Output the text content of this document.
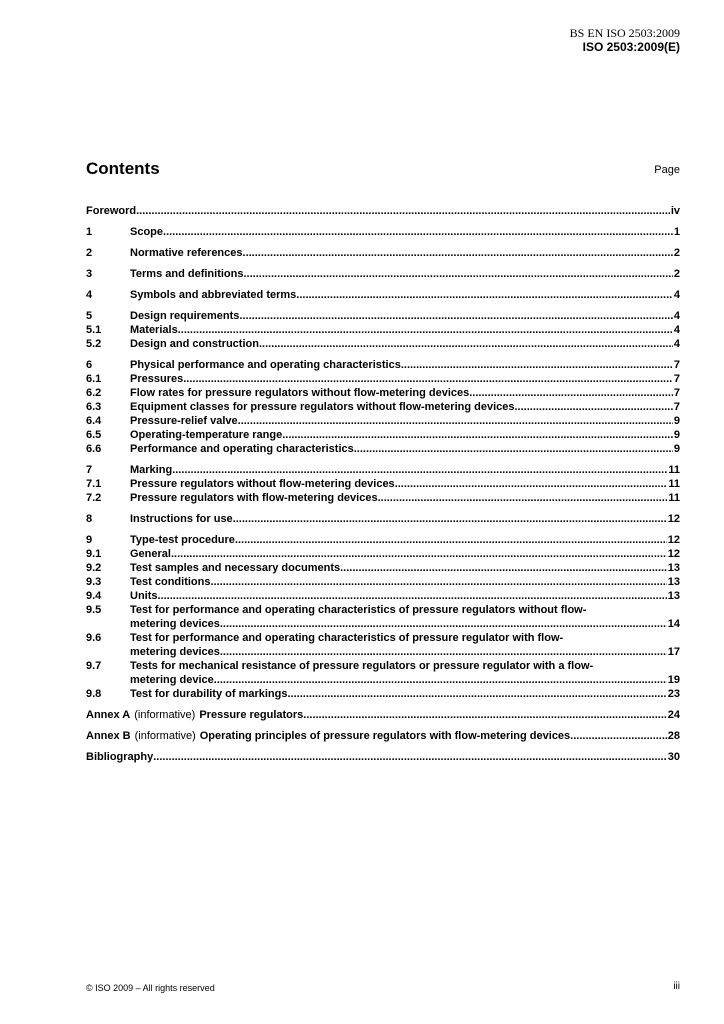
BS EN ISO 2503:2009
ISO 2503:2009(E)
Contents	Page
Foreword .....	iv
1	Scope .....	1
2	Normative references .....	2
3	Terms and definitions .....	2
4	Symbols and abbreviated terms .....	4
5	Design requirements .....	4
5.1	Materials .....	4
5.2	Design and construction .....	4
6	Physical performance and operating characteristics .....	7
6.1	Pressures .....	7
6.2	Flow rates for pressure regulators without flow-metering devices .....	7
6.3	Equipment classes for pressure regulators without flow-metering devices .....	7
6.4	Pressure-relief valve .....	9
6.5	Operating-temperature range .....	9
6.6	Performance and operating characteristics .....	9
7	Marking .....	11
7.1	Pressure regulators without flow-metering devices .....	11
7.2	Pressure regulators with flow-metering devices .....	11
8	Instructions for use .....	12
9	Type-test procedure .....	12
9.1	General .....	12
9.2	Test samples and necessary documents .....	13
9.3	Test conditions .....	13
9.4	Units .....	13
9.5	Test for performance and operating characteristics of pressure regulators without flow-
metering devices .....	14
9.6	Test for performance and operating characteristics of pressure regulator with flow-
metering devices .....	17
9.7	Tests for mechanical resistance of pressure regulators or pressure regulator with a flow-
metering device .....	19
9.8	Test for durability of markings .....	23
Annex A (informative) Pressure regulators .....	24
Annex B (informative) Operating principles of pressure regulators with flow-metering devices .....	28
Bibliography .....	30
© ISO 2009 – All rights reserved	iii
